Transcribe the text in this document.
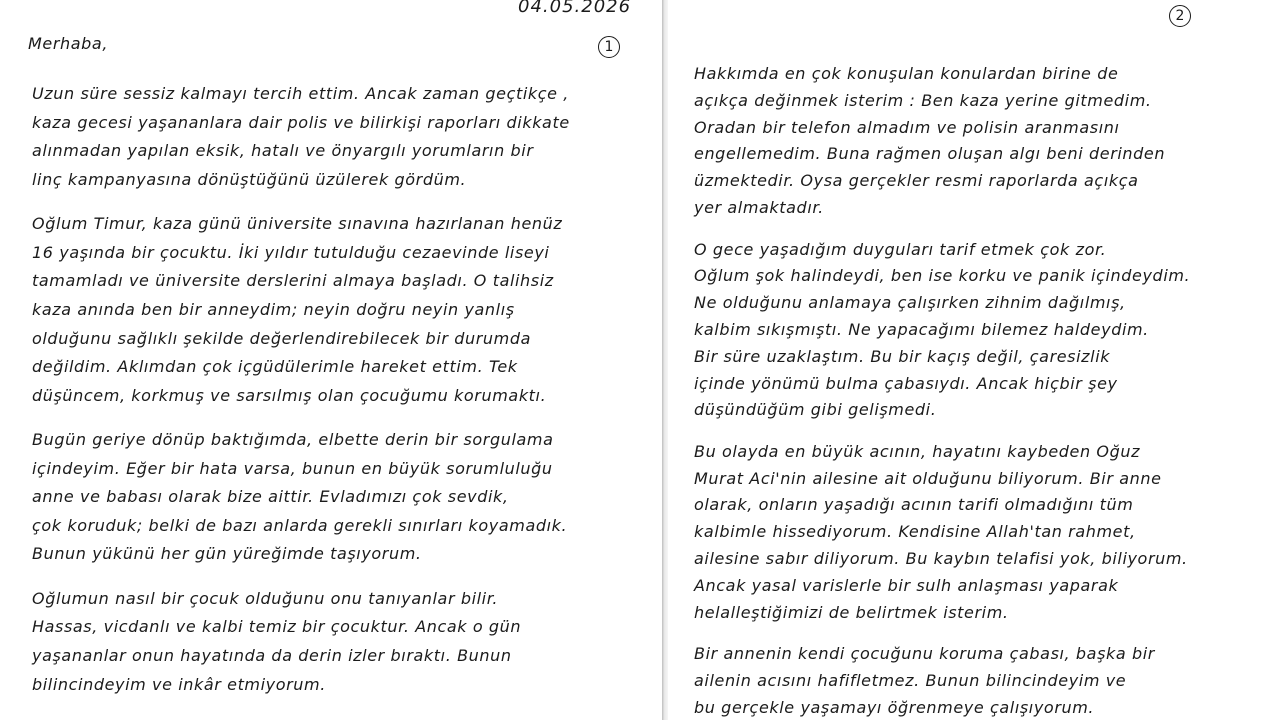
04.05.2026
1
Merhaba,
Uzun süre sessiz kalmayı tercih ettim. Ancak zaman geçtikçe ,
kaza gecesi yaşananlara dair polis ve bilirkişi raporları dikkate
alınmadan yapılan eksik, hatalı ve önyargılı yorumların bir
linç kampanyasına dönüştüğünü üzülerek gördüm.
Oğlum Timur, kaza günü üniversite sınavına hazırlanan henüz
16 yaşında bir çocuktu. İki yıldır tutulduğu cezaevinde liseyi
tamamladı ve üniversite derslerini almaya başladı. O talihsiz
kaza anında ben bir anneydim; neyin doğru neyin yanlış
olduğunu sağlıklı şekilde değerlendirebilecek bir durumda
değildim. Aklımdan çok içgüdülerimle hareket ettim. Tek
düşüncem, korkmuş ve sarsılmış olan çocuğumu korumaktı.
Bugün geriye dönüp baktığımda, elbette derin bir sorgulama
içindeyim. Eğer bir hata varsa, bunun en büyük sorumluluğu
anne ve babası olarak bize aittir. Evladımızı çok sevdik,
çok koruduk; belki de bazı anlarda gerekli sınırları koyamadık.
Bunun yükünü her gün yüreğimde taşıyorum.
Oğlumun nasıl bir çocuk olduğunu onu tanıyanlar bilir.
Hassas, vicdanlı ve kalbi temiz bir çocuktur. Ancak o gün
yaşananlar onun hayatında da derin izler bıraktı. Bunun
bilincindeyim ve inkâr etmiyorum.
2
Hakkımda en çok konuşulan konulardan birine de
açıkça değinmek isterim : Ben kaza yerine gitmedim.
Oradan bir telefon almadım ve polisin aranmasını
engellemedim. Buna rağmen oluşan algı beni derinden
üzmektedir. Oysa gerçekler resmi raporlarda açıkça
yer almaktadır.
O gece yaşadığım duyguları tarif etmek çok zor.
Oğlum şok halindeydi, ben ise korku ve panik içindeydim.
Ne olduğunu anlamaya çalışırken zihnim dağılmış,
kalbim sıkışmıştı. Ne yapacağımı bilemez haldeydim.
Bir süre uzaklaştım. Bu bir kaçış değil, çaresizlik
içinde yönümü bulma çabasıydı. Ancak hiçbir şey
düşündüğüm gibi gelişmedi.
Bu olayda en büyük acının, hayatını kaybeden Oğuz
Murat Aci'nin ailesine ait olduğunu biliyorum. Bir anne
olarak, onların yaşadığı acının tarifi olmadığını tüm
kalbimle hissediyorum. Kendisine Allah'tan rahmet,
ailesine sabır diliyorum. Bu kaybın telafisi yok, biliyorum.
Ancak yasal varislerle bir sulh anlaşması yaparak
helalleştiğimizi de belirtmek isterim.
Bir annenin kendi çocuğunu koruma çabası, başka bir
ailenin acısını hafifletmez. Bunun bilincindeyim ve
bu gerçekle yaşamayı öğrenmeye çalışıyorum.
